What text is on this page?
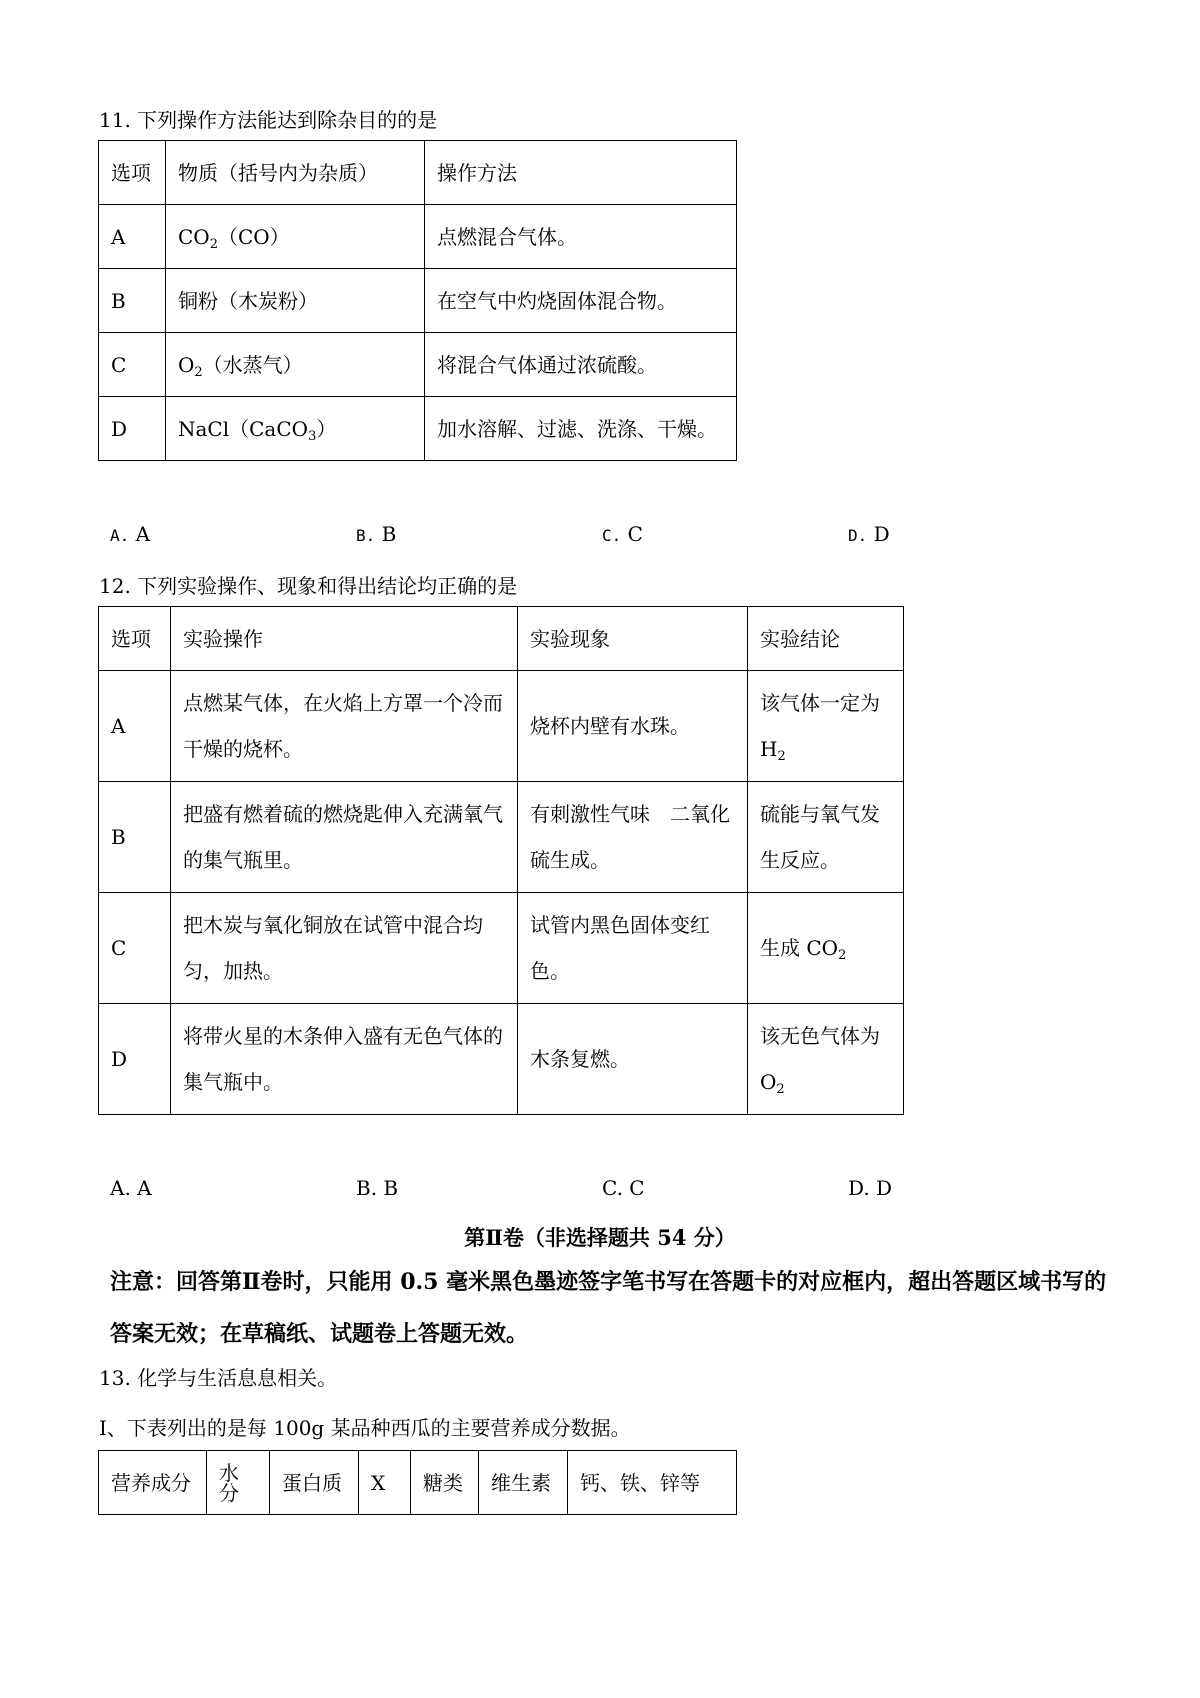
11. 下列操作方法能达到除杂目的的是
选项	物质（括号内为杂质）	操作方法
A	$CO_2(CO)$	点燃混合气体。
B	铜粉（木炭粉）	在空气中灼烧固体混合物。
C	$O_2$（水蒸气）	将混合气体通过浓硫酸。
D	NaCl（CaCO$_3$）	加水溶解、过滤、洗涤、干燥。
A. A	B. B	C. C	D. D
12. 下列实验操作、现象和得出结论均正确的是
选项	实验操作	实验现象	实验结论
A	点燃某气体，在火焰上方罩一个冷而干燥的烧杯。	烧杯内壁有水珠。	该气体一定为$H_2$
B	把盛有燃着硫的燃烧匙伸入充满氧气的集气瓶里。	有刺激性气味　二氧化硫生成。	硫能与氧气发生反应。
C	把木炭与氧化铜放在试管中混合均匀，加热。	试管内黑色固体变红色。	生成 $CO_2$
D	将带火星的木条伸入盛有无色气体的集气瓶中。	木条复燃。	该无色气体为$O_2$
A. A	B. B	C. C	D. D
第Ⅱ卷（非选择题共 54 分）
注意：回答第Ⅱ卷时，只能用 0.5 毫米黑色墨迹签字笔书写在答题卡的对应框内，超出答题区域书写的答案无效；在草稿纸、试题卷上答题无效。
13. 化学与生活息息相关。
Ⅰ、下表列出的是每 100g 某品种西瓜的主要营养成分数据。
营养成分	水分	蛋白质	X	糖类	维生素	钙、铁、锌等
